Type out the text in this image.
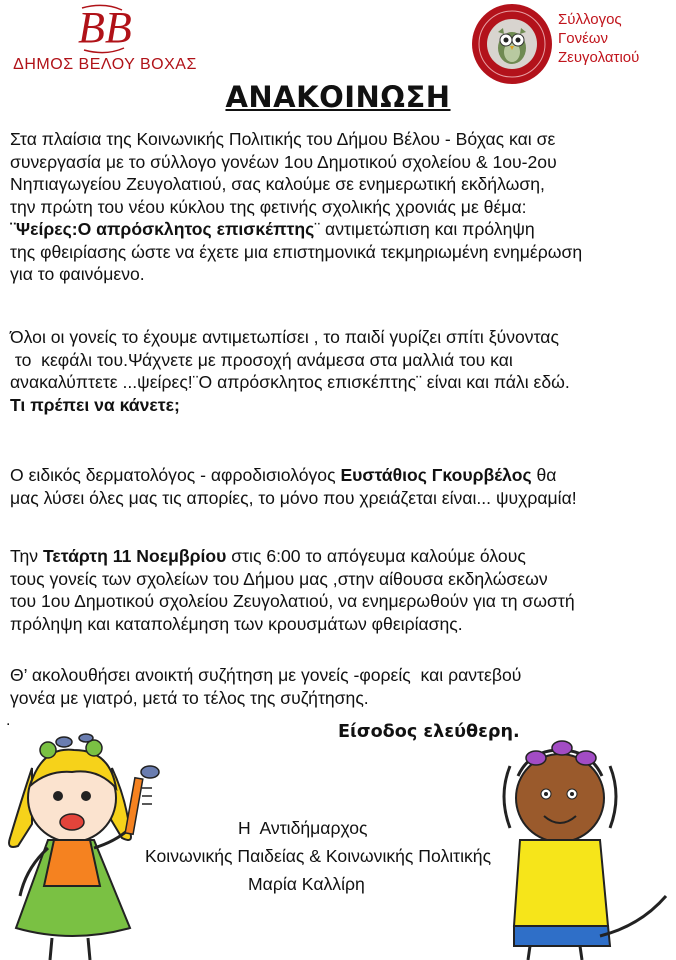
BB
ΔΗΜΟΣ ΒΕΛΟΥ ΒΟΧΑΣ
Σύλλογος
Γονέων
Ζευγολατιού
ΑΝΑΚΟΙΝΩΣΗ
Στα πλαίσια της Κοινωνικής Πολιτικής του Δήμου Βέλου - Βόχας και σε
συνεργασία με το σύλλογο γονέων 1ου Δημοτικού σχολείου & 1ου-2ου
Νηπιαγωγείου Ζευγολατιού, σας καλούμε σε ενημερωτική εκδήλωση,
την πρώτη του νέου κύκλου της φετινής σχολικής χρονιάς με θέμα:
¨Ψείρες:Ο απρόσκλητος επισκέπτης¨ αντιμετώπιση και πρόληψη
της φθειρίασης ώστε να έχετε μια επιστημονικά τεκμηριωμένη ενημέρωση
για το φαινόμενο.
Όλοι οι γονείς το έχουμε αντιμετωπίσει , το παιδί γυρίζει σπίτι ξύνοντας
το  κεφάλι του.Ψάχνετε με προσοχή ανάμεσα στα μαλλιά του και
ανακαλύπτετε ...ψείρες!¨Ο απρόσκλητος επισκέπτης¨ είναι και πάλι εδώ.
Τι πρέπει να κάνετε;
Ο ειδικός δερματολόγος - αφροδισιολόγος Ευστάθιος Γκουρβέλος θα
μας λύσει όλες μας τις απορίες, το μόνο που χρειάζεται είναι... ψυχραμία!
Την Τετάρτη 11 Νοεμβρίου στις 6:00 το απόγευμα καλούμε όλους
τους γονείς των σχολείων του Δήμου μας ,στην αίθουσα εκδηλώσεων
του 1ου Δημοτικού σχολείου Ζευγολατιού, να ενημερωθούν για τη σωστή
πρόληψη και καταπολέμηση των κρουσμάτων φθειρίασης.
Θ’ ακολουθήσει ανοικτή συζήτηση με γονείς -φορείς  και ραντεβού
γονέα με γιατρό, μετά το τέλος της συζήτησης.
.
Είσοδος ελεύθερη.
Η  Αντιδήμαρχος
Κοινωνικής Παιδείας & Κοινωνικής Πολιτικής
Μαρία Καλλίρη
